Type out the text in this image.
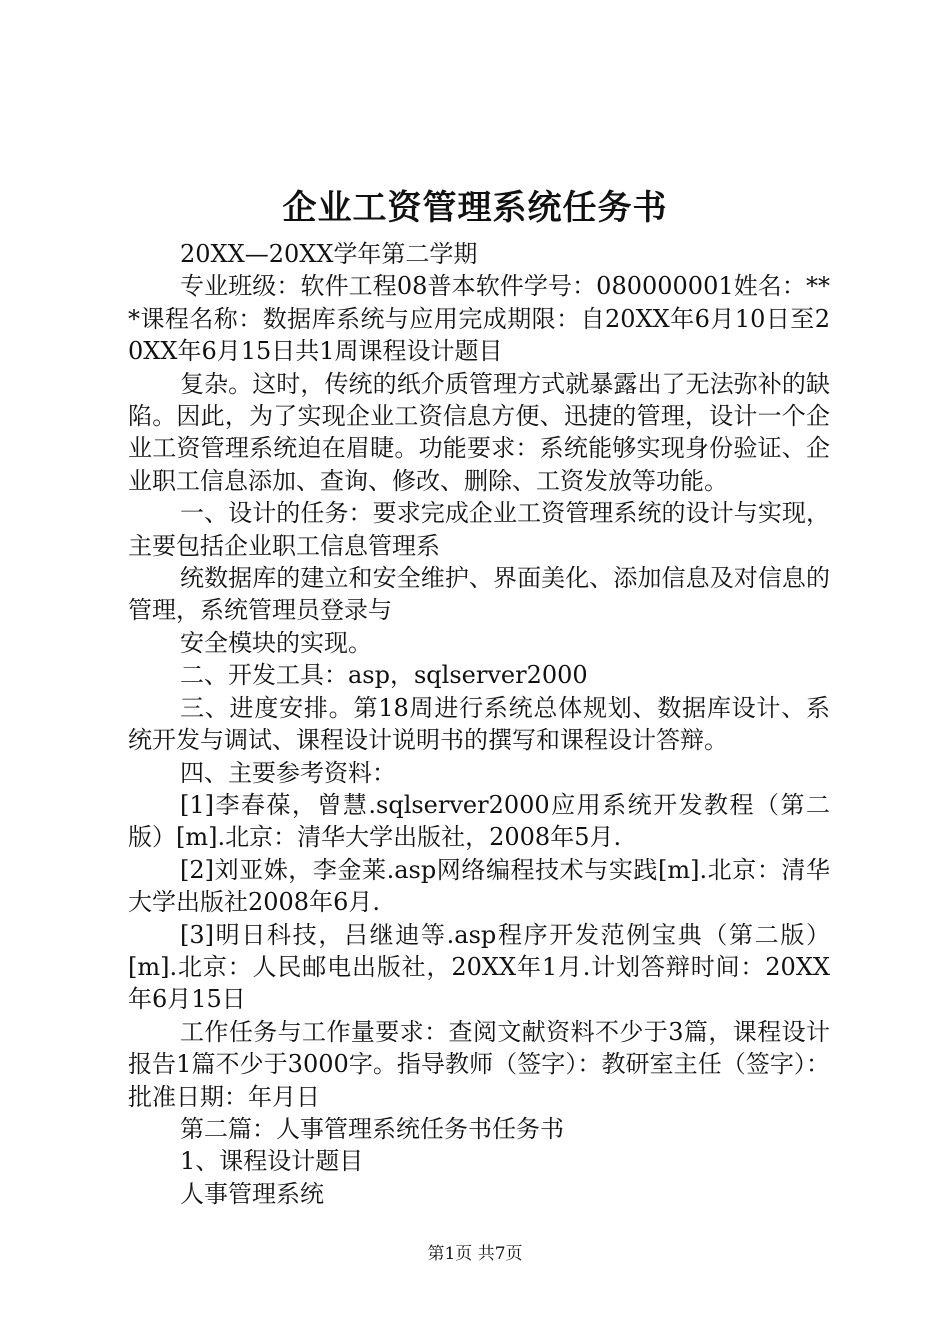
企业工资管理系统任务书

20XX—20XX学年第二学期

专业班级：软件工程08普本软件学号：080000001姓名：***课程名称：数据库系统与应用完成期限：自20XX年6月10日至20XX年6月15日共1周课程设计题目

复杂。这时，传统的纸介质管理方式就暴露出了无法弥补的缺陷。因此，为了实现企业工资信息方便、迅捷的管理，设计一个企业工资管理系统迫在眉睫。功能要求：系统能够实现身份验证、企业职工信息添加、查询、修改、删除、工资发放等功能。

一、设计的任务：要求完成企业工资管理系统的设计与实现，主要包括企业职工信息管理系

统数据库的建立和安全维护、界面美化、添加信息及对信息的管理，系统管理员登录与

安全模块的实现。

二、开发工具：asp，sqlserver2000

三、进度安排。第18周进行系统总体规划、数据库设计、系统开发与调试、课程设计说明书的撰写和课程设计答辩。

四、主要参考资料：

[1]李春葆，曾慧.sqlserver2000应用系统开发教程（第二版）[m].北京：清华大学出版社，2008年5月.

[2]刘亚姝，李金莱.asp网络编程技术与实践[m].北京：清华大学出版社2008年6月.

[3]明日科技，吕继迪等.asp程序开发范例宝典（第二版）[m].北京：人民邮电出版社，20XX年1月.计划答辩时间：20XX年6月15日

工作任务与工作量要求：查阅文献资料不少于3篇，课程设计报告1篇不少于3000字。指导教师（签字）：教研室主任（签字）：批准日期：年月日

第二篇：人事管理系统任务书任务书

1、课程设计题目

人事管理系统

第1页 共7页
